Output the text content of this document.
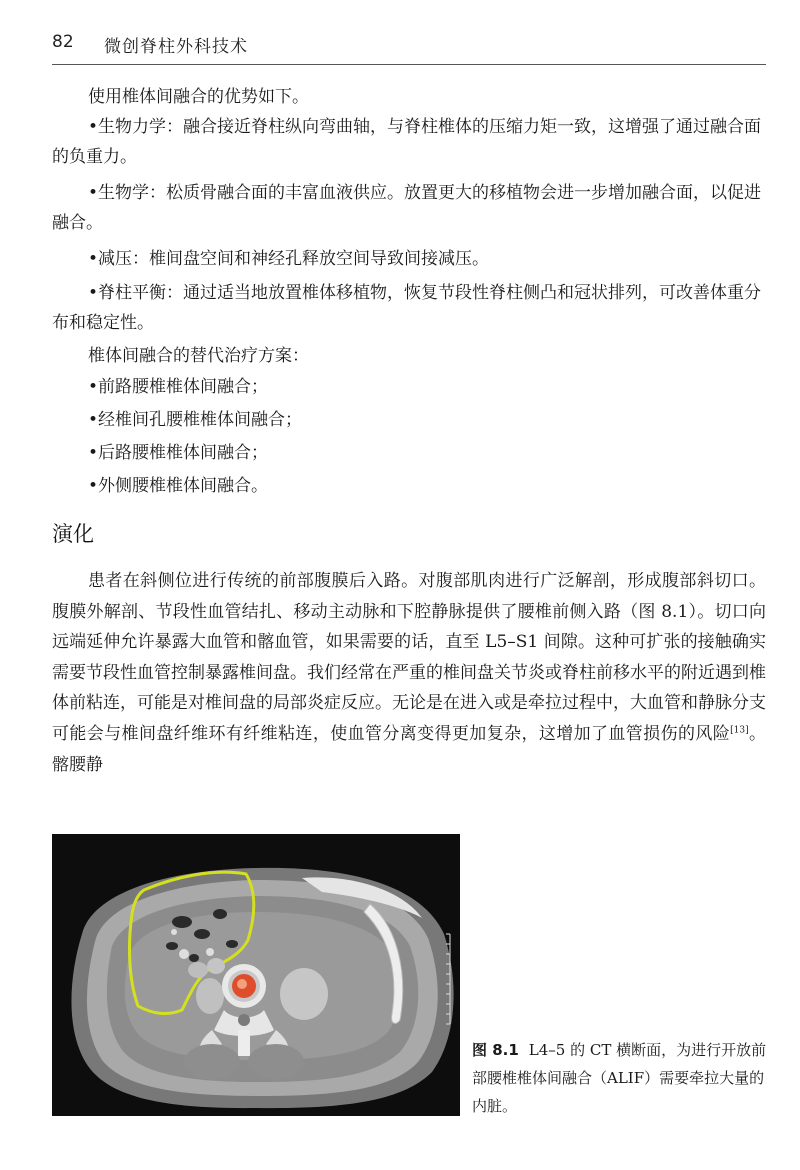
82 微创脊柱外科技术

使用椎体间融合的优势如下。

•生物力学：融合接近脊柱纵向弯曲轴，与脊柱椎体的压缩力矩一致，这增强了通过融合面的负重力。

•生物学：松质骨融合面的丰富血液供应。放置更大的移植物会进一步增加融合面，以促进融合。

•减压：椎间盘空间和神经孔释放空间导致间接减压。

•脊柱平衡：通过适当地放置椎体移植物，恢复节段性脊柱侧凸和冠状排列，可改善体重分布和稳定性。

椎体间融合的替代治疗方案：

•前路腰椎椎体间融合；

•经椎间孔腰椎椎体间融合；

•后路腰椎椎体间融合；

•外侧腰椎椎体间融合。

演化

患者在斜侧位进行传统的前部腹膜后入路。对腹部肌肉进行广泛解剖，形成腹部斜切口。腹膜外解剖、节段性血管结扎、移动主动脉和下腔静脉提供了腰椎前侧入路（图 8.1）。切口向远端延伸允许暴露大血管和髂血管，如果需要的话，直至 L5–S1 间隙。这种可扩张的接触确实需要节段性血管控制暴露椎间盘。我们经常在严重的椎间盘关节炎或脊柱前移水平的附近遇到椎体前粘连，可能是对椎间盘的局部炎症反应。无论是在进入或是牵拉过程中，大血管和静脉分支可能会与椎间盘纤维环有纤维粘连，使血管分离变得更加复杂，这增加了血管损伤的风险[13]。髂腰静

图 8.1 L4–5 的 CT 横断面，为进行开放前部腰椎椎体间融合（ALIF）需要牵拉大量的内脏。
